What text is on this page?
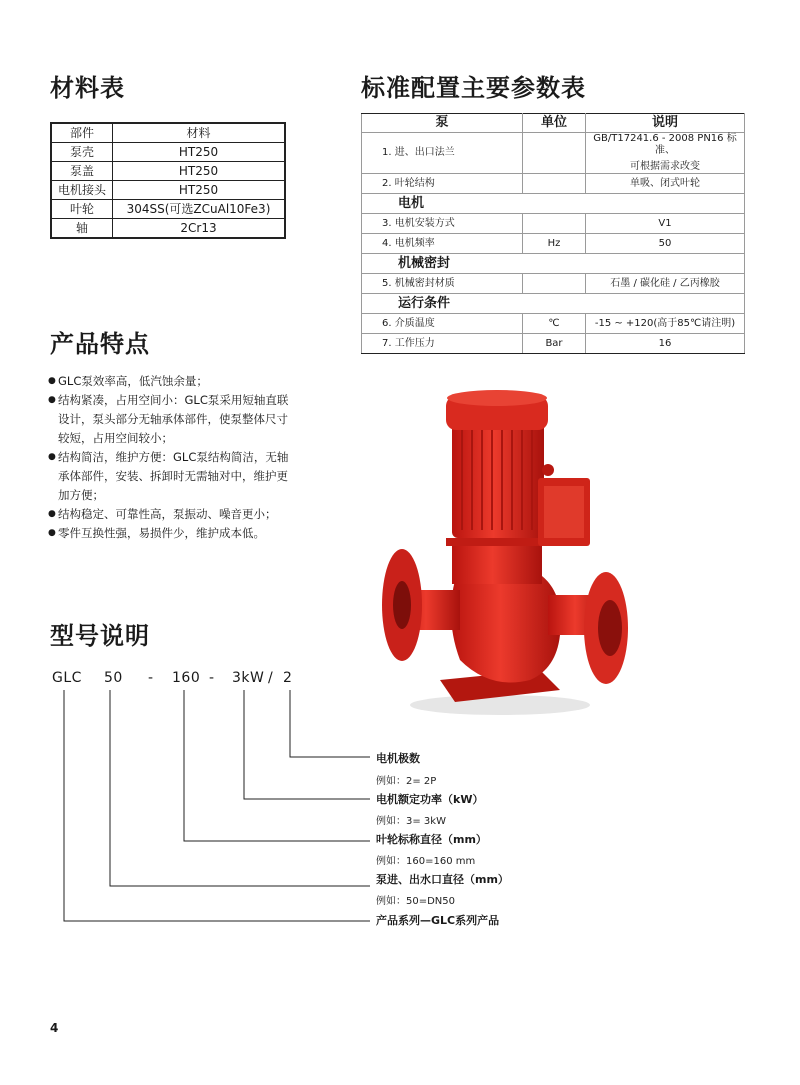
材料表	标准配置主要参数表
产品特点
型号说明
部件	材料
泵壳	HT250
泵盖	HT250
电机接头	HT250
叶轮	304SS(可选ZCuAl10Fe3)
轴	2Cr13
泵	单位	说明
1. 进、出口法兰		GB/T17241.6 - 2008 PN16 标准、
可根据需求改变

2. 叶轮结构		单吸、闭式叶轮
电机		
3. 电机安装方式		V1
4. 电机频率	Hz	50
机械密封		
5. 机械密封材质		石墨 / 碳化硅 / 乙丙橡胶
运行条件		
6. 介质温度	℃	-15 ~ +120(高于85℃请注明)
7. 工作压力	Bar	16
● GLC泵效率高，低汽蚀余量；
● 结构紧凑，占用空间小：GLC泵采用短轴直联设计，泵头部分无轴承体部件，使泵整体尺寸较短，占用空间较小；
● 结构简洁，维护方便：GLC泵结构简洁，无轴承体部件，安装、拆卸时无需轴对中，维护更加方便；
● 结构稳定、可靠性高，泵振动、噪音更小；
● 零件互换性强，易损件少，维护成本低。
GLC 50 - 160 - 3kW / 2
电机极数
例如：2= 2P
电机额定功率（kW）
例如：3= 3kW
叶轮标称直径（mm）
例如：160=160 mm
泵进、出水口直径（mm）
例如：50=DN50
产品系列—GLC系列产品
4
